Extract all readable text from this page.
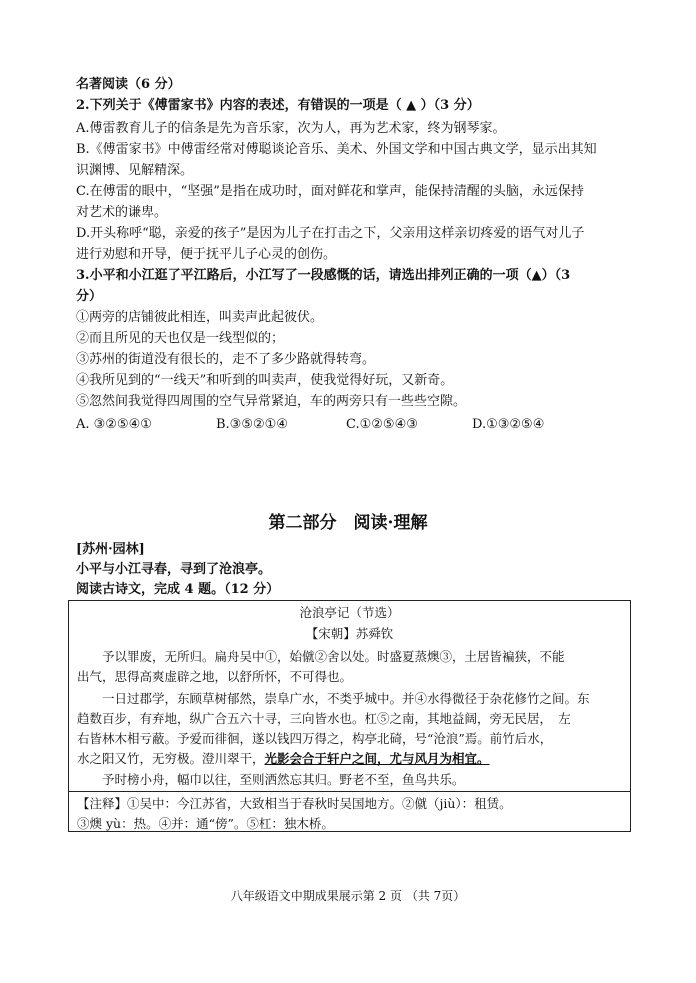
名著阅读（6 分）
2.下列关于《傅雷家书》内容的表述，有错误的一项是（ ▲ ）（3 分）
A.傅雷教育儿子的信条是先为音乐家，次为人，再为艺术家，终为钢琴家。
B.《傅雷家书》中傅雷经常对傅聪谈论音乐、美术、外国文学和中国古典文学，显示出其知
识渊博、见解精深。
C.在傅雷的眼中，“坚强”是指在成功时，面对鲜花和掌声，能保持清醒的头脑，永远保持
对艺术的谦卑。
D.开头称呼“聪，亲爱的孩子”是因为儿子在打击之下，父亲用这样亲切疼爱的语气对儿子
进行劝慰和开导，便于抚平儿子心灵的创伤。
3.小平和小江逛了平江路后，小江写了一段感慨的话，请选出排列正确的一项（▲）（3
分）
①两旁的店铺彼此相连，叫卖声此起彼伏。
②而且所见的天也仅是一线型似的；
③苏州的街道没有很长的，走不了多少路就得转弯。
④我所见到的“一线天”和听到的叫卖声，使我觉得好玩，又新奇。
⑤忽然间我觉得四周围的空气异常紧迫，车的两旁只有一些些空隙。
A. ③②⑤④①	B.③⑤②①④	C.①②⑤④③	D.①③②⑤④
第二部分　阅读·理解
[苏州·园林]
小平与小江寻春，寻到了沧浪亭。
阅读古诗文，完成 4 题。（12 分）
沧浪亭记（节选）
【宋朝】苏舜钦
　　予以罪废，无所归。扁舟吴中①，始僦②舍以处。时盛夏蒸燠③，土居皆褊狭，不能
出气，思得高爽虚辟之地，以舒所怀，不可得也。
　　一日过郡学，东顾草树郁然，崇阜广水，不类乎城中。并④水得微径于杂花修竹之间。东
趋数百步，有弃地，纵广合五六十寻，三向皆水也。杠⑤之南，其地益阔，旁无民居，　左
右皆林木相亏蔽。予爱而徘徊，遂以钱四万得之，构亭北碕，号“沧浪”焉。前竹后水，
水之阳又竹，无穷极。澄川翠干，光影会合于轩户之间，尤与风月为相宜。
　　予时榜小舟，幅巾以往，至则洒然忘其归。野老不至，鱼鸟共乐。
【注释】①吴中：今江苏省，大致相当于春秋时吴国地方。②僦（jiù）：租赁。
③燠 yù：热。④并：通“傍”。⑤杠：独木桥。
八年级语文中期成果展示第 2 页 （共 7页）
